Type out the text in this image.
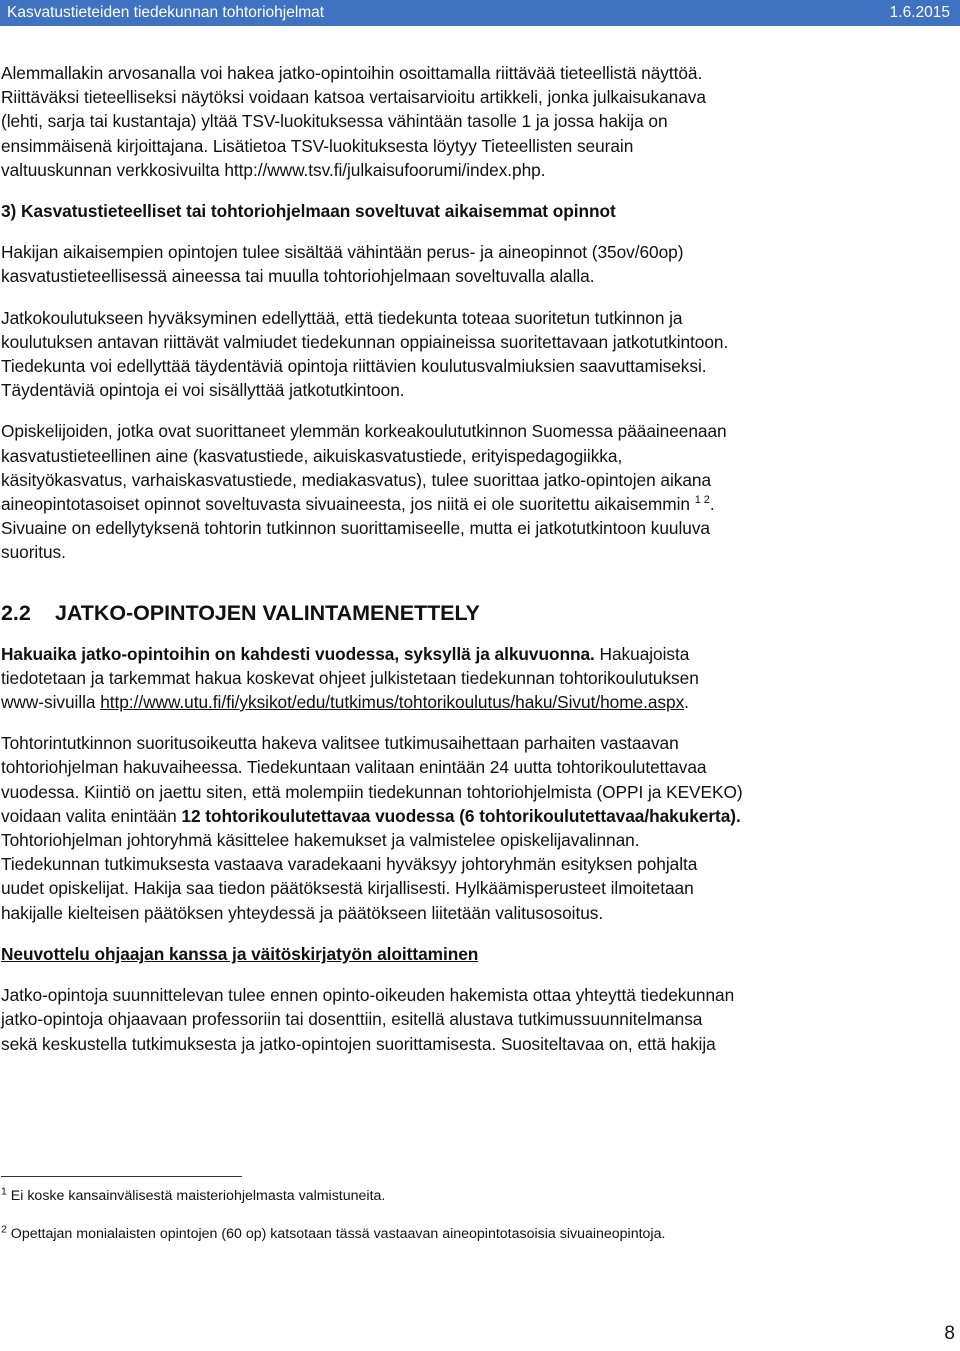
Kasvatustieteiden tiedekunnan tohtoriohjelmat	1.6.2015

Alemmallakin arvosanalla voi hakea jatko-opintoihin osoittamalla riittävää tieteellistä näyttöä.
Riittäväksi tieteelliseksi näytöksi voidaan katsoa vertaisarvioitu artikkeli, jonka julkaisukanava
(lehti, sarja tai kustantaja) yltää TSV-luokituksessa vähintään tasolle 1 ja jossa hakija on
ensimmäisenä kirjoittajana. Lisätietoa TSV-luokituksesta löytyy Tieteellisten seurain
valtuuskunnan verkkosivuilta http://www.tsv.fi/julkaisufoorumi/index.php.

3) Kasvatustieteelliset tai tohtoriohjelmaan soveltuvat aikaisemmat opinnot

Hakijan aikaisempien opintojen tulee sisältää vähintään perus- ja aineopinnot (35ov/60op)
kasvatustieteellisessä aineessa tai muulla tohtoriohjelmaan soveltuvalla alalla.

Jatkokoulutukseen hyväksyminen edellyttää, että tiedekunta toteaa suoritetun tutkinnon ja
koulutuksen antavan riittävät valmiudet tiedekunnan oppiaineissa suoritettavaan jatkotutkintoon.
Tiedekunta voi edellyttää täydentäviä opintoja riittävien koulutusvalmiuksien saavuttamiseksi.
Täydentäviä opintoja ei voi sisällyttää jatkotutkintoon.

Opiskelijoiden, jotka ovat suorittaneet ylemmän korkeakoulututkinnon Suomessa pääaineenaan
kasvatustieteellinen aine (kasvatustiede, aikuiskasvatustiede, erityispedagogiikka,
käsityökasvatus, varhaiskasvatustiede, mediakasvatus), tulee suorittaa jatko-opintojen aikana
aineopintotasoiset opinnot soveltuvasta sivuaineesta, jos niitä ei ole suoritettu aikaisemmin $^{1 2}$.
Sivuaine on edellytyksenä tohtorin tutkinnon suorittamiseelle, mutta ei jatkotutkintoon kuuluva
suoritus.

2.2 JATKO-OPINTOJEN VALINTAMENETTELY

Hakuaika jatko-opintoihin on kahdesti vuodessa, syksyllä ja alkuvuonna. Hakuajoista
tiedotetaan ja tarkemmat hakua koskevat ohjeet julkistetaan tiedekunnan tohtorikoulutuksen
www-sivuilla http://www.utu.fi/fi/yksikot/edu/tutkimus/tohtorikoulutus/haku/Sivut/home.aspx.

Tohtorintutkinnon suoritusoikeutta hakeva valitsee tutkimusaihettaan parhaiten vastaavan
tohtoriohjelman hakuvaiheessa. Tiedekuntaan valitaan enintään 24 uutta tohtorikoulutettavaa
vuodessa. Kiintiö on jaettu siten, että molempiin tiedekunnan tohtoriohjelmista (OPPI ja KEVEKO)
voidaan valita enintään 12 tohtorikoulutettavaa vuodessa (6 tohtorikoulutettavaa/hakukerta).
Tohtoriohjelman johtoryhmä käsittelee hakemukset ja valmistelee opiskelijavalinnan.
Tiedekunnan tutkimuksesta vastaava varadekaani hyväksyy johtoryhmän esityksen pohjalta
uudet opiskelijat. Hakija saa tiedon päätöksestä kirjallisesti. Hylkäämisperusteet ilmoitetaan
hakijalle kielteisen päätöksen yhteydessä ja päätökseen liitetään valitusosoitus.

Neuvottelu ohjaajan kanssa ja väitöskirjatyön aloittaminen

Jatko-opintoja suunnittelevan tulee ennen opinto-oikeuden hakemista ottaa yhteyttä tiedekunnan
jatko-opintoja ohjaavaan professoriin tai dosenttiin, esitellä alustava tutkimussuunnitelmansa
sekä keskustella tutkimuksesta ja jatko-opintojen suorittamisesta. Suositeltavaa on, että hakija

$^1$ Ei koske kansainvälisestä maisteriohjelmasta valmistuneita.
$^2$ Opettajan monialaisten opintojen (60 op) katsotaan tässä vastaavan aineopintotasoisia sivuaineopintoja.
8
